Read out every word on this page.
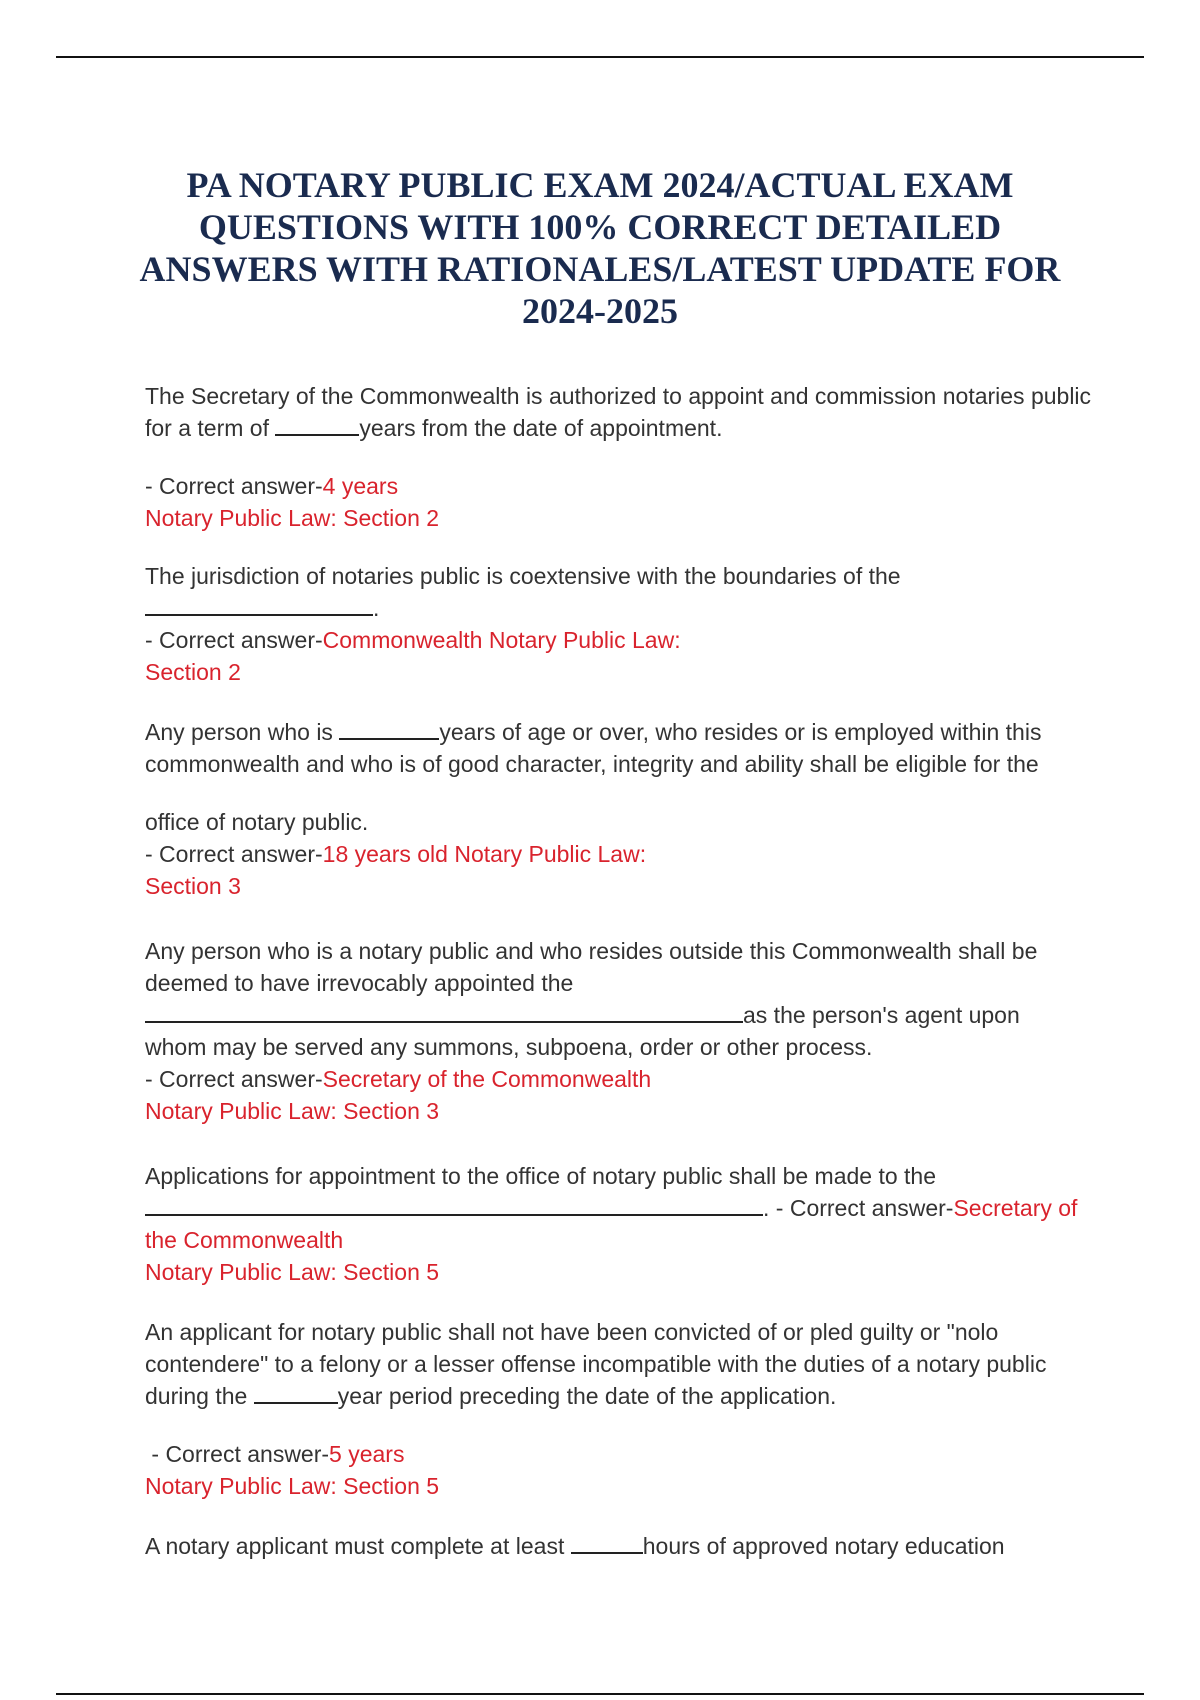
PA NOTARY PUBLIC EXAM 2024/ACTUAL EXAM QUESTIONS WITH 100% CORRECT DETAILED ANSWERS WITH RATIONALES/LATEST UPDATE FOR 2024-2025

The Secretary of the Commonwealth is authorized to appoint and commission notaries public for a term of	years from the date of appointment.

- Correct answer-4 years

Notary Public Law: Section 2

The jurisdiction of notaries public is coextensive with the boundaries of the
.

- Correct answer-Commonwealth Notary Public Law:

Section 2

Any person who is	years of age or over, who resides or is employed within this commonwealth and who is of good character, integrity and ability shall be eligible for the

office of notary public.

- Correct answer-18 years old Notary Public Law:

Section 3

Any person who is a notary public and who resides outside this Commonwealth shall be deemed to have irrevocably appointed the
as the person's agent upon
whom may be served any summons, subpoena, order or other process.

- Correct answer-Secretary of the Commonwealth

Notary Public Law: Section 3

Applications for appointment to the office of notary public shall be made to the
. - Correct answer-Secretary of the Commonwealth

Notary Public Law: Section 5

An applicant for notary public shall not have been convicted of or pled guilty or "nolo contendere" to a felony or a lesser offense incompatible with the duties of a notary public during the	year period preceding the date of the application.

- Correct answer-5 years

Notary Public Law: Section 5

A notary applicant must complete at least	hours of approved notary education
